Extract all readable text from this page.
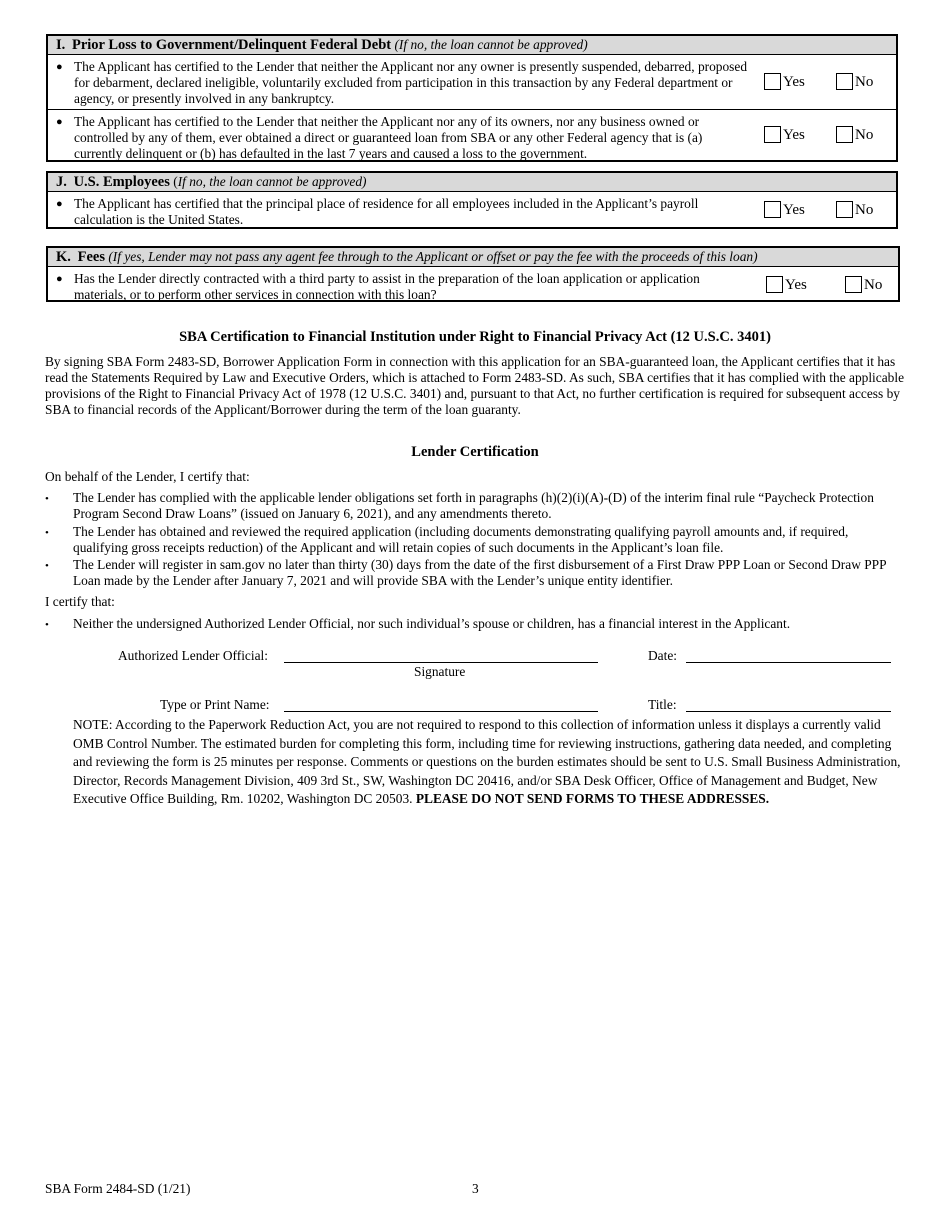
I. Prior Loss to Government/Delinquent Federal Debt (If no, the loan cannot be approved)
● The Applicant has certified to the Lender that neither the Applicant nor any owner is presently suspended, debarred, proposed for debarment, declared ineligible, voluntarily excluded from participation in this transaction by any Federal department or agency, or presently involved in any bankruptcy.
Yes	No
● The Applicant has certified to the Lender that neither the Applicant nor any of its owners, nor any business owned or controlled by any of them, ever obtained a direct or guaranteed loan from SBA or any other Federal agency that is (a) currently delinquent or (b) has defaulted in the last 7 years and caused a loss to the government.
Yes	No
J. U.S. Employees (If no, the loan cannot be approved)
● The Applicant has certified that the principal place of residence for all employees included in the Applicant’s payroll calculation is the United States.
Yes	No
K. Fees (If yes, Lender may not pass any agent fee through to the Applicant or offset or pay the fee with the proceeds of this loan)
● Has the Lender directly contracted with a third party to assist in the preparation of the loan application or application materials, or to perform other services in connection with this loan?
Yes	No
SBA Certification to Financial Institution under Right to Financial Privacy Act (12 U.S.C. 3401)
By signing SBA Form 2483-SD, Borrower Application Form in connection with this application for an SBA-guaranteed loan, the Applicant certifies that it has read the Statements Required by Law and Executive Orders, which is attached to Form 2483-SD. As such, SBA certifies that it has complied with the applicable provisions of the Right to Financial Privacy Act of 1978 (12 U.S.C. 3401) and, pursuant to that Act, no further certification is required for subsequent access by SBA to financial records of the Applicant/Borrower during the term of the loan guaranty.
Lender Certification
On behalf of the Lender, I certify that:
• The Lender has complied with the applicable lender obligations set forth in paragraphs (h)(2)(i)(A)-(D) of the interim final rule “Paycheck Protection Program Second Draw Loans” (issued on January 6, 2021), and any amendments thereto.
• The Lender has obtained and reviewed the required application (including documents demonstrating qualifying payroll amounts and, if required, qualifying gross receipts reduction) of the Applicant and will retain copies of such documents in the Applicant’s loan file.
• The Lender will register in sam.gov no later than thirty (30) days from the date of the first disbursement of a First Draw PPP Loan or Second Draw PPP Loan made by the Lender after January 7, 2021 and will provide SBA with the Lender’s unique entity identifier.
I certify that:
• Neither the undersigned Authorized Lender Official, nor such individual’s spouse or children, has a financial interest in the Applicant.
Authorized Lender Official:
Signature
Date:
Type or Print Name:	Title:
NOTE: According to the Paperwork Reduction Act, you are not required to respond to this collection of information unless it displays a currently valid OMB Control Number. The estimated burden for completing this form, including time for reviewing instructions, gathering data needed, and completing and reviewing the form is 25 minutes per response. Comments or questions on the burden estimates should be sent to U.S. Small Business Administration, Director, Records Management Division, 409 3rd St., SW, Washington DC 20416, and/or SBA Desk Officer, Office of Management and Budget, New Executive Office Building, Rm. 10202, Washington DC 20503. PLEASE DO NOT SEND FORMS TO THESE ADDRESSES.
SBA Form 2484-SD (1/21)	3
